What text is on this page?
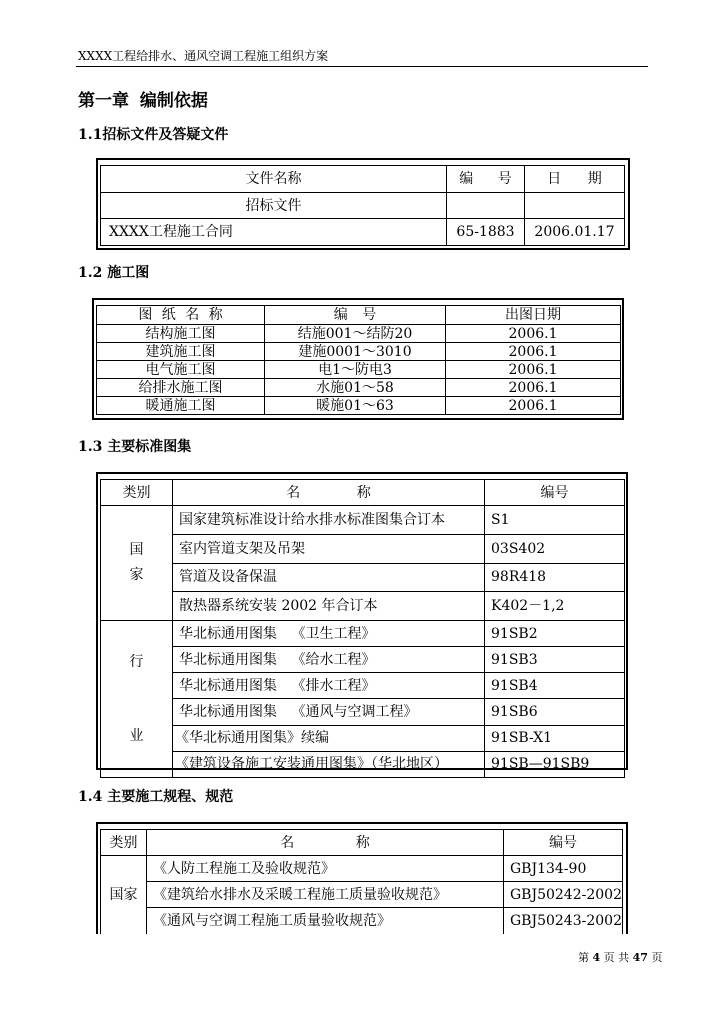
XXXX工程给排水、通风空调工程施工组织方案
第一章 编制依据
1.1招标文件及答疑文件
文件名称	编 号	日 期
招标文件		
XXXX工程施工合同	65-1883	2006.01.17
1.2 施工图
图 纸 名 称	编 号	出图日期
结构施工图	结施001～结防20	2006.1
建筑施工图	建施0001～3010	2006.1
电气施工图	电1～防电3	2006.1
给排水施工图	水施01～58	2006.1
暖通施工图	暖施01～63	2006.1
1.3 主要标准图集
类别	名 称	编号

国
家	国家建筑标准设计给水排水标准图集合订本	S1
	室内管道支架及吊架	03S402
	管道及设备保温	98R418
	散热器系统安装 2002 年合订本	K402－1,2

行
业	华北标通用图集 《卫生工程》	91SB2
	华北标通用图集 《给水工程》	91SB3
	华北标通用图集 《排水工程》	91SB4
	华北标通用图集 《通风与空调工程》	91SB6
	《华北标通用图集》续编	91SB-X1
	《建筑设备施工安装通用图集》（华北地区）	91SB—91SB9
1.4 主要施工规程、规范
类别	名 称	编号
国家	《人防工程施工及验收规范》	GBJ134-90
	《建筑给水排水及采暖工程施工质量验收规范》	GBJ50242-2002
	《通风与空调工程施工质量验收规范》	GBJ50243-2002
第 4 页 共 47 页
